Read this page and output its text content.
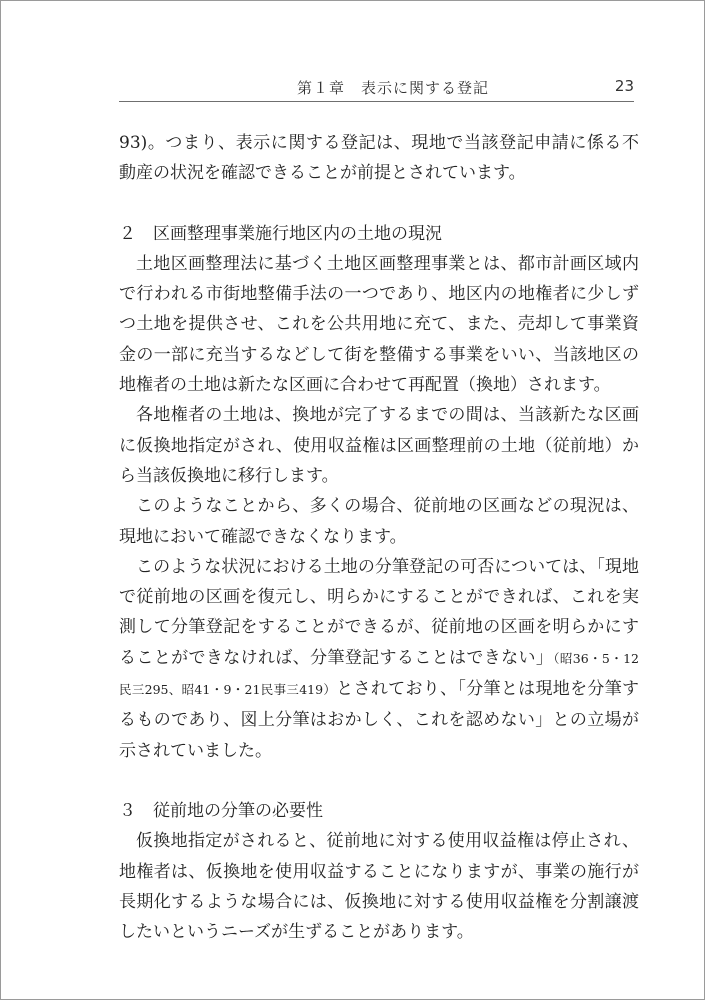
第１章　表示に関する登記	23

93)。つまり、表示に関する登記は、現地で当該登記申請に係る不動産の状況を確認できることが前提とされています。

２　区画整理事業施行地区内の土地の現況

土地区画整理法に基づく土地区画整理事業とは、都市計画区域内で行われる市街地整備手法の一つであり、地区内の地権者に少しずつ土地を提供させ、これを公共用地に充て、また、売却して事業資金の一部に充当するなどして街を整備する事業をいい、当該地区の地権者の土地は新たな区画に合わせて再配置（換地）されます。

各地権者の土地は、換地が完了するまでの間は、当該新たな区画に仮換地指定がされ、使用収益権は区画整理前の土地（従前地）から当該仮換地に移行します。

このようなことから、多くの場合、従前地の区画などの現況は、現地において確認できなくなります。

このような状況における土地の分筆登記の可否については、「現地で従前地の区画を復元し、明らかにすることができれば、これを実測して分筆登記をすることができるが、従前地の区画を明らかにすることができなければ、分筆登記することはできない」（昭36・5・12民三295、昭41・9・21民事三419）とされており、「分筆とは現地を分筆するものであり、図上分筆はおかしく、これを認めない」との立場が示されていました。

３　従前地の分筆の必要性

仮換地指定がされると、従前地に対する使用収益権は停止され、地権者は、仮換地を使用収益することになりますが、事業の施行が長期化するような場合には、仮換地に対する使用収益権を分割譲渡したいというニーズが生ずることがあります。
